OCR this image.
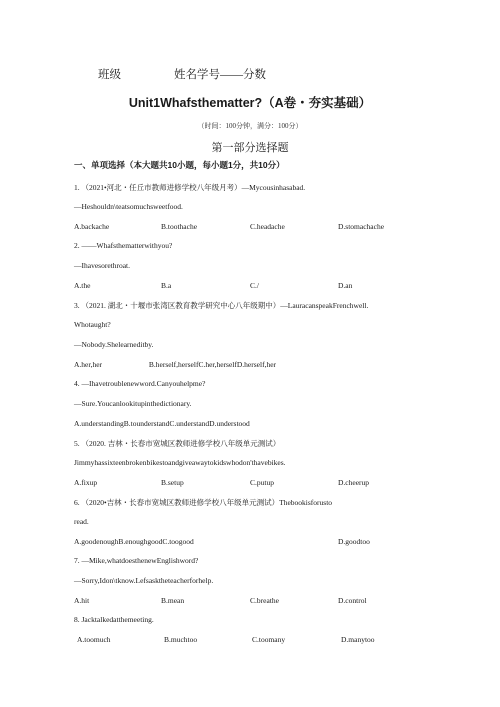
班级	姓名学号——分数
Unit1Whafsthematter?（A卷・夯实基础）
（时间：100分钟，满分：100分）
第一部分选择题
一、单项选择（本大题共10小题，每小题1分，共10分）
1. （2021•河北・任丘市教师进修学校八年级月考）—Mycousinhasabad.
—Heshouldn\teatsomuchsweetfood.
A.backache	B.toothache	C.headache	D.stomachache
2. ——Whafsthematterwithyou?
—Ihavesorethroat.
A.the	B.a	C./	D.an
3. （2021. 湖北・十堰市张湾区教育教学研究中心八年级期中）—LauracanspeakFrenchwell.
Whotaught?
—Nobody.Shelearneditby.
A.her,her                         B.herself,herselfC.her,herselfD.herself,her
4. —Ihavetroublenewword.Canyouhelpme?
—Sure.Youcanlookitupinthedictionary.
A.understandingB.tounderstandC.understandD.understood
5. （2020. 吉林・长春市宽城区教师进修学校八年级单元测试）
Jimmyhassixteenbrokenbikestoandgiveawaytokidswhodon'thavebikes.
A.fixup	B.setup	C.putup	D.cheerup
6. （2020•吉林・长春市宽城区教师进修学校八年级单元测试）Thebookisforusto
read.
A.goodenoughB.enoughgoodC.toogood	D.goodtoo
7. —Mike,whatdoesthenewEnglishword?
—Sorry,Idon\tknow.Lefsasktheteacherforhelp.
A.hit	B.mean	C.breathe	D.control
8. Jacktalkedatthemeeting.
A.toomuch	B.muchtoo	C.toomany	D.manytoo
